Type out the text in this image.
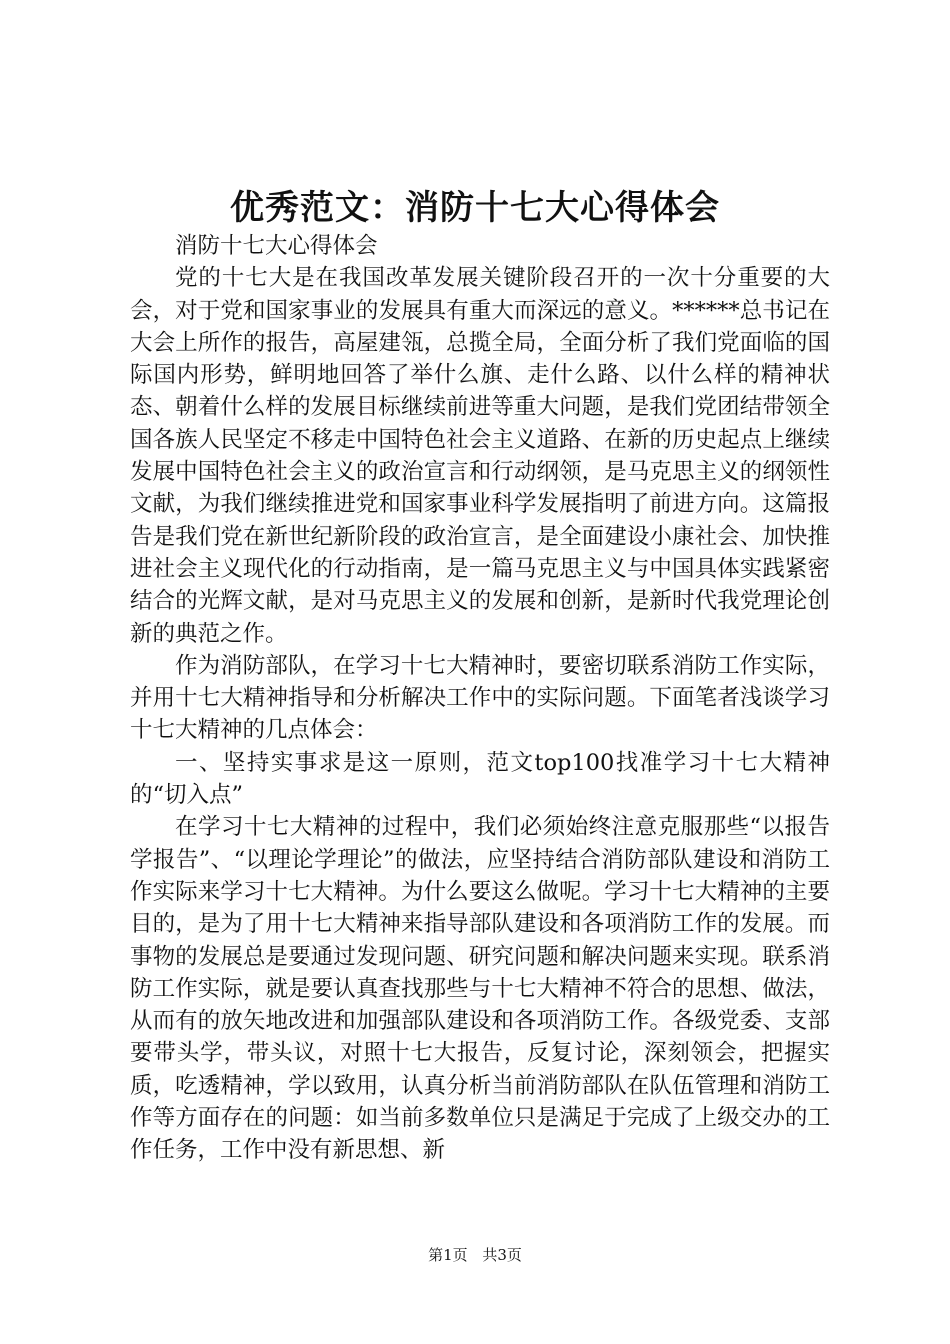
优秀范文：消防十七大心得体会

消防十七大心得体会

党的十七大是在我国改革发展关键阶段召开的一次十分重要的大会，对于党和国家事业的发展具有重大而深远的意义。******总书记在大会上所作的报告，高屋建瓴，总揽全局，全面分析了我们党面临的国际国内形势，鲜明地回答了举什么旗、走什么路、以什么样的精神状态、朝着什么样的发展目标继续前进等重大问题，是我们党团结带领全国各族人民坚定不移走中国特色社会主义道路、在新的历史起点上继续发展中国特色社会主义的政治宣言和行动纲领，是马克思主义的纲领性文献，为我们继续推进党和国家事业科学发展指明了前进方向。这篇报告是我们党在新世纪新阶段的政治宣言，是全面建设小康社会、加快推进社会主义现代化的行动指南，是一篇马克思主义与中国具体实践紧密结合的光辉文献，是对马克思主义的发展和创新，是新时代我党理论创新的典范之作。

作为消防部队，在学习十七大精神时，要密切联系消防工作实际，并用十七大精神指导和分析解决工作中的实际问题。下面笔者浅谈学习十七大精神的几点体会：

一、坚持实事求是这一原则，范文top100找准学习十七大精神的“切入点”

在学习十七大精神的过程中，我们必须始终注意克服那些“以报告学报告”、“以理论学理论”的做法，应坚持结合消防部队建设和消防工作实际来学习十七大精神。为什么要这么做呢。学习十七大精神的主要目的，是为了用十七大精神来指导部队建设和各项消防工作的发展。而事物的发展总是要通过发现问题、研究问题和解决问题来实现。联系消防工作实际，就是要认真查找那些与十七大精神不符合的思想、做法，从而有的放矢地改进和加强部队建设和各项消防工作。各级党委、支部要带头学，带头议，对照十七大报告，反复讨论，深刻领会，把握实质，吃透精神，学以致用，认真分析当前消防部队在队伍管理和消防工作等方面存在的问题：如当前多数单位只是满足于完成了上级交办的工作任务，工作中没有新思想、新

第1页 共3页
